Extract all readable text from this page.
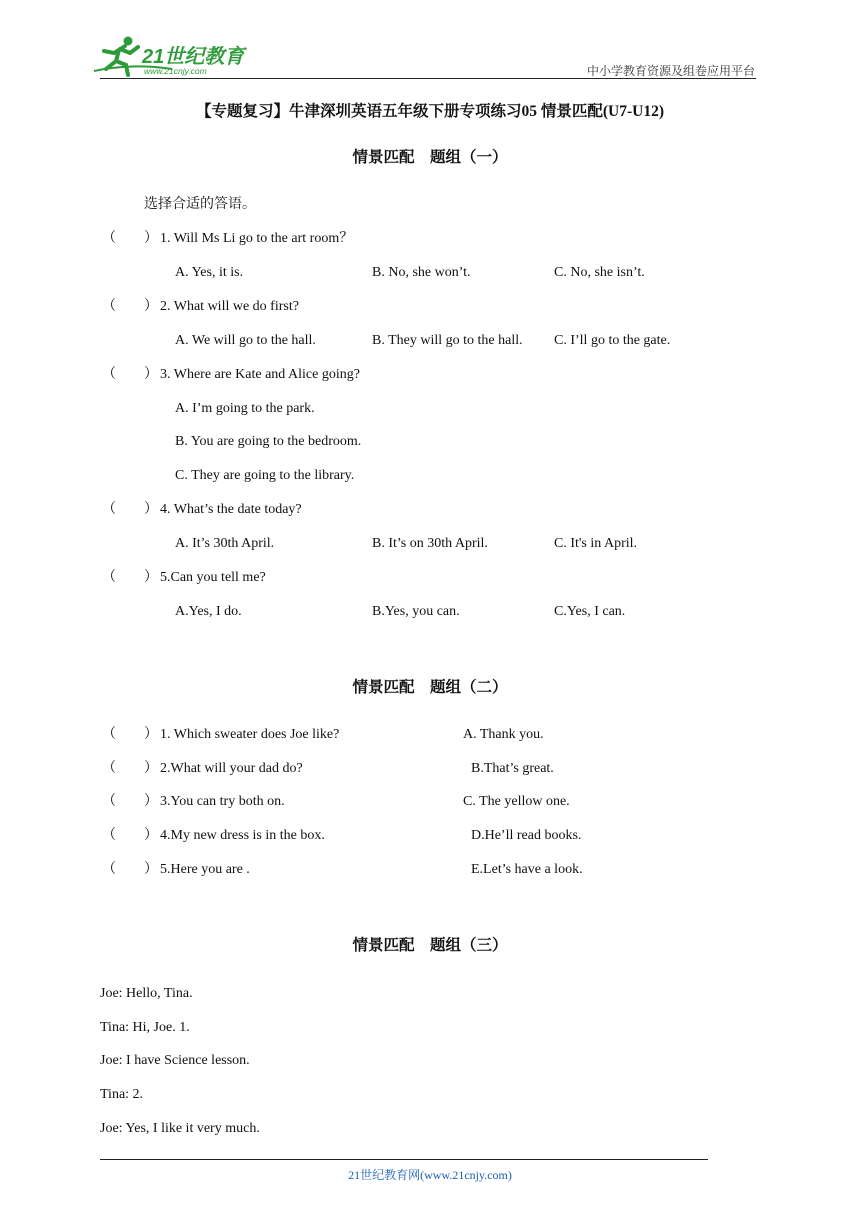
21世纪教育
www.21cnjy.com	中小学教育资源及组卷应用平台
【专题复习】牛津深圳英语五年级下册专项练习05 情景匹配(U7-U12)
情景匹配　题组（一）
选择合适的答语。
（　　） 1. Will Ms Li go to the art room？
A. Yes, it is.	B. No, she won’t.	C. No, she isn’t.
（　　） 2. What will we do first?
A. We will go to the hall.	B. They will go to the hall. C. I’ll go to the gate.
（　　） 3. Where are Kate and Alice going?
A. I’m going to the park.
B. You are going to the bedroom.
C. They are going to the library.
（　　） 4. What’s the date today?
A. It’s 30th April.	B. It’s on 30th April.	C. It's in April.
（　　） 5.Can you tell me?
A.Yes, I do.	B.Yes, you can.	C.Yes, I can.
情景匹配　题组（二）
（　　） 1. Which sweater does Joe like?	A. Thank you.
（　　） 2.What will your dad do?	B.That’s great.
（　　） 3.You can try both on.	C. The yellow one.
（　　） 4.My new dress is in the box.	D.He’ll read books.
（　　） 5.Here you are .	E.Let’s have a look.
情景匹配　题组（三）
Joe: Hello, Tina.
Tina: Hi, Joe. 1.
Joe: I have Science lesson.
Tina: 2.
Joe: Yes, I like it very much.
21世纪教育网(www.21cnjy.com)
